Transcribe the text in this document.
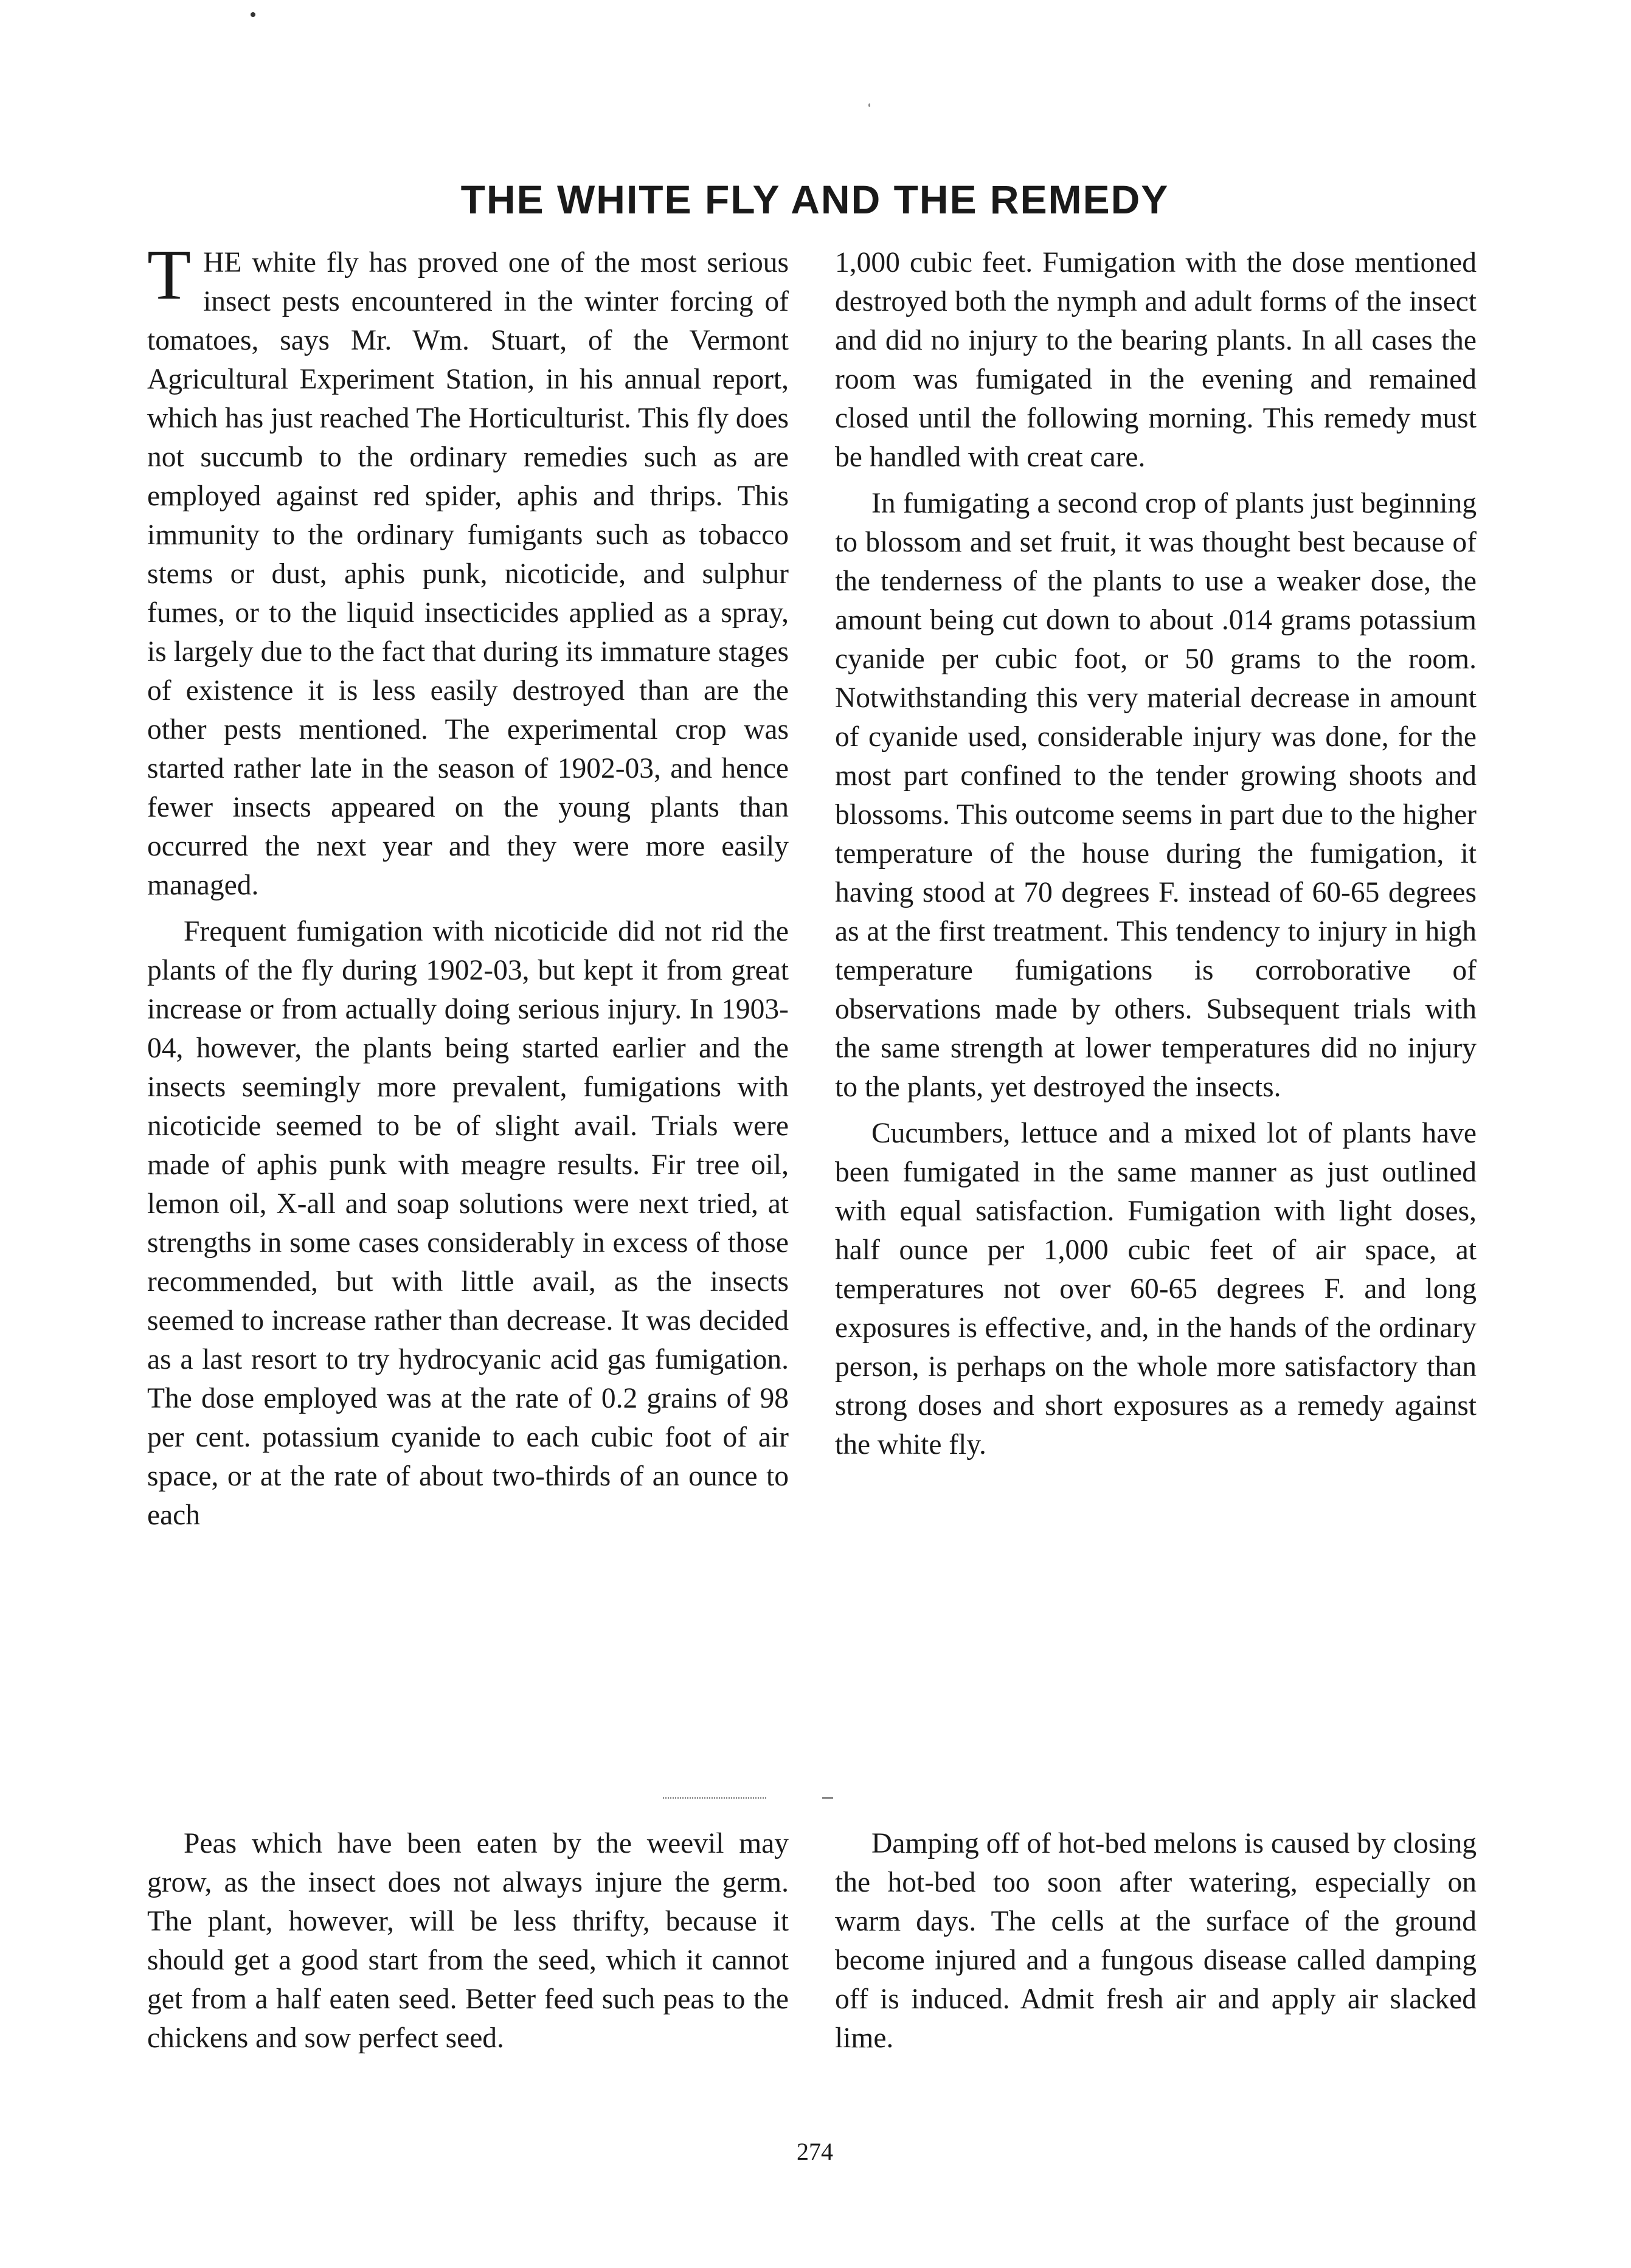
THE WHITE FLY AND THE REMEDY

THE white fly has proved one of the most serious insect pests encountered in the winter forcing of tomatoes, says Mr. Wm. Stuart, of the Vermont Agricultural Experiment Station, in his annual report, which has just reached The Horticulturist. This fly does not succumb to the ordinary remedies such as are employed against red spider, aphis and thrips. This immunity to the ordinary fumigants such as tobacco stems or dust, aphis punk, nicoticide, and sulphur fumes, or to the liquid insecticides applied as a spray, is largely due to the fact that during its immature stages of existence it is less easily destroyed than are the other pests mentioned. The experimental crop was started rather late in the season of 1902-03, and hence fewer insects appeared on the young plants than occurred the next year and they were more easily managed.

Frequent fumigation with nicoticide did not rid the plants of the fly during 1902-03, but kept it from great increase or from actually doing serious injury. In 1903-04, however, the plants being started earlier and the insects seemingly more prevalent, fumigations with nicoticide seemed to be of slight avail. Trials were made of aphis punk with meagre results. Fir tree oil, lemon oil, X-all and soap solutions were next tried, at strengths in some cases considerably in excess of those recommended, but with little avail, as the insects seemed to increase rather than decrease. It was decided as a last resort to try hydrocyanic acid gas fumigation. The dose employed was at the rate of 0.2 grains of 98 per cent. potassium cyanide to each cubic foot of air space, or at the rate of about two-thirds of an ounce to each

1,000 cubic feet. Fumigation with the dose mentioned destroyed both the nymph and adult forms of the insect and did no injury to the bearing plants. In all cases the room was fumigated in the evening and remained closed until the following morning. This remedy must be handled with creat care.

In fumigating a second crop of plants just beginning to blossom and set fruit, it was thought best because of the tenderness of the plants to use a weaker dose, the amount being cut down to about .014 grams potassium cyanide per cubic foot, or 50 grams to the room. Notwithstanding this very material decrease in amount of cyanide used, considerable injury was done, for the most part confined to the tender growing shoots and blossoms. This outcome seems in part due to the higher temperature of the house during the fumigation, it having stood at 70 degrees F. instead of 60-65 degrees as at the first treatment. This tendency to injury in high temperature fumigations is corroborative of observations made by others. Subsequent trials with the same strength at lower temperatures did no injury to the plants, yet destroyed the insects.

Cucumbers, lettuce and a mixed lot of plants have been fumigated in the same manner as just outlined with equal satisfaction. Fumigation with light doses, half ounce per 1,000 cubic feet of air space, at temperatures not over 60-65 degrees F. and long exposures is effective, and, in the hands of the ordinary person, is perhaps on the whole more satisfactory than strong doses and short exposures as a remedy against the white fly.

Peas which have been eaten by the weevil may grow, as the insect does not always injure the germ. The plant, however, will be less thrifty, because it should get a good start from the seed, which it cannot get from a half eaten seed. Better feed such peas to the chickens and sow perfect seed.

Damping off of hot-bed melons is caused by closing the hot-bed too soon after watering, especially on warm days. The cells at the surface of the ground become injured and a fungous disease called damping off is induced. Admit fresh air and apply air slacked lime.

274
